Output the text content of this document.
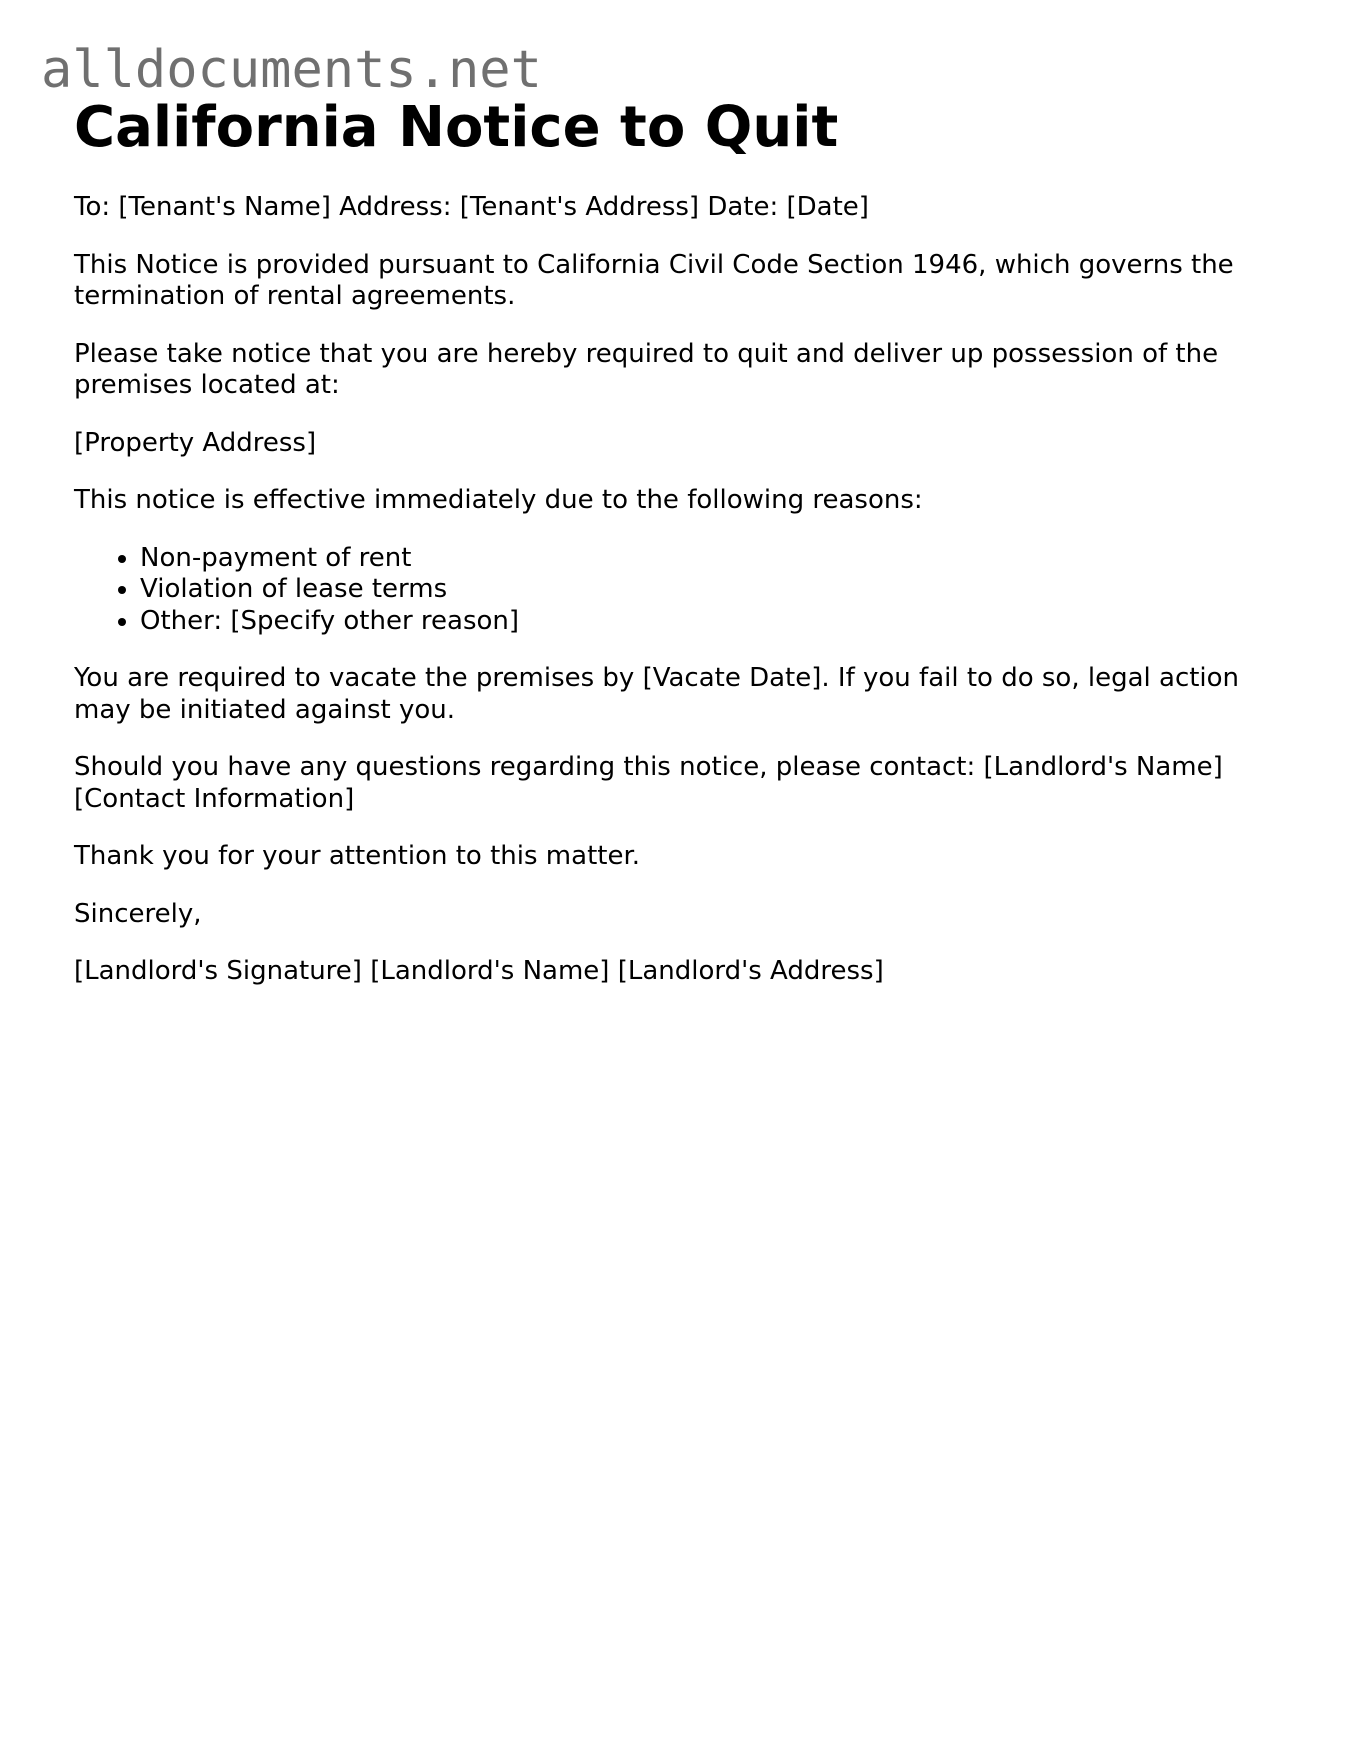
alldocuments.net
California Notice to Quit

To: [Tenant's Name] Address: [Tenant's Address] Date: [Date]

This Notice is provided pursuant to California Civil Code Section 1946, which governs the termination of rental agreements.

Please take notice that you are hereby required to quit and deliver up possession of the premises located at:

[Property Address]

This notice is effective immediately due to the following reasons:

• Non-payment of rent
• Violation of lease terms
• Other: [Specify other reason]

You are required to vacate the premises by [Vacate Date]. If you fail to do so, legal action may be initiated against you.

Should you have any questions regarding this notice, please contact: [Landlord's Name] [Contact Information]

Thank you for your attention to this matter.

Sincerely,

[Landlord's Signature] [Landlord's Name] [Landlord's Address]
